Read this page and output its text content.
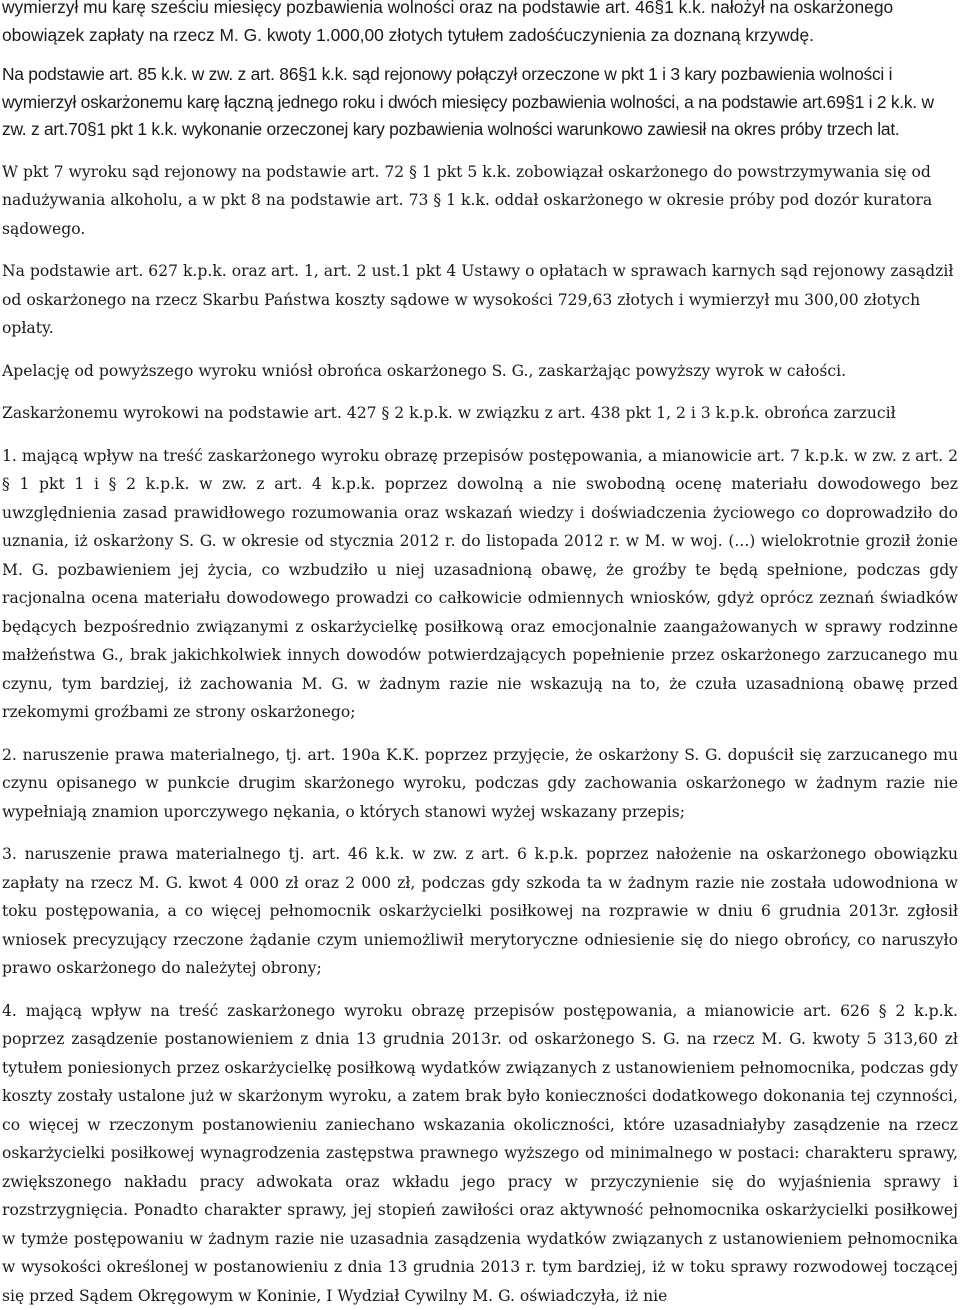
wymierzył mu karę sześciu miesięcy pozbawienia wolności oraz na podstawie art. 46§1 k.k. nałożył na oskarżonego obowiązek zapłaty na rzecz M. G. kwoty 1.000,00 złotych tytułem zadośćuczynienia za doznaną krzywdę.

Na podstawie art. 85 k.k. w zw. z art. 86§1 k.k. sąd rejonowy połączył orzeczone w pkt 1 i 3 kary pozbawienia wolności i wymierzył oskarżonemu karę łączną jednego roku i dwóch miesięcy pozbawienia wolności, a na podstawie art.69§1 i 2 k.k. w zw. z art.70§1 pkt 1 k.k. wykonanie orzeczonej kary pozbawienia wolności warunkowo zawiesił na okres próby trzech lat.

W pkt 7 wyroku sąd rejonowy na podstawie art. 72 § 1 pkt 5 k.k. zobowiązał oskarżonego do powstrzymywania się od nadużywania alkoholu, a w pkt 8 na podstawie art. 73 § 1 k.k. oddał oskarżonego w okresie próby pod dozór kuratora sądowego.

Na podstawie art. 627 k.p.k. oraz art. 1, art. 2 ust.1 pkt 4 Ustawy o opłatach w sprawach karnych sąd rejonowy zasądził od oskarżonego na rzecz Skarbu Państwa koszty sądowe w wysokości 729,63 złotych i wymierzył mu 300,00 złotych opłaty.

Apelację od powyższego wyroku wniósł obrońca oskarżonego S. G., zaskarżając powyższy wyrok w całości.

Zaskarżonemu wyrokowi na podstawie art. 427 § 2 k.p.k. w związku z art. 438 pkt 1, 2 i 3 k.p.k. obrońca zarzucił

1. mającą wpływ na treść zaskarżonego wyroku obrazę przepisów postępowania, a mianowicie art. 7 k.p.k. w zw. z art. 2 § 1 pkt 1 i § 2 k.p.k. w zw. z art. 4 k.p.k. poprzez dowolną a nie swobodną ocenę materiału dowodowego bez uwzględnienia zasad prawidłowego rozumowania oraz wskazań wiedzy i doświadczenia życiowego co doprowadziło do uznania, iż oskarżony S. G. w okresie od stycznia 2012 r. do listopada 2012 r. w M. w woj. (...) wielokrotnie groził żonie M. G. pozbawieniem jej życia, co wzbudziło u niej uzasadnioną obawę, że groźby te będą spełnione, podczas gdy racjonalna ocena materiału dowodowego prowadzi co całkowicie odmiennych wniosków, gdyż oprócz zeznań świadków będących bezpośrednio związanymi z oskarżycielkę posiłkową oraz emocjonalnie zaangażowanych w sprawy rodzinne małżeństwa G., brak jakichkolwiek innych dowodów potwierdzających popełnienie przez oskarżonego zarzucanego mu czynu, tym bardziej, iż zachowania M. G. w żadnym razie nie wskazują na to, że czuła uzasadnioną obawę przed rzekomymi groźbami ze strony oskarżonego;

2. naruszenie prawa materialnego, tj. art. 190a K.K. poprzez przyjęcie, że oskarżony S. G. dopuścił się zarzucanego mu czynu opisanego w punkcie drugim skarżonego wyroku, podczas gdy zachowania oskarżonego w żadnym razie nie wypełniają znamion uporczywego nękania, o których stanowi wyżej wskazany przepis;

3. naruszenie prawa materialnego tj. art. 46 k.k. w zw. z art. 6 k.p.k. poprzez nałożenie na oskarżonego obowiązku zapłaty na rzecz M. G. kwot 4 000 zł oraz 2 000 zł, podczas gdy szkoda ta w żadnym razie nie została udowodniona w toku postępowania, a co więcej pełnomocnik oskarżycielki posiłkowej na rozprawie w dniu 6 grudnia 2013r. zgłosił wniosek precyzujący rzeczone żądanie czym uniemożliwił merytoryczne odniesienie się do niego obrońcy, co naruszyło prawo oskarżonego do należytej obrony;

4. mającą wpływ na treść zaskarżonego wyroku obrazę przepisów postępowania, a mianowicie art. 626 § 2 k.p.k. poprzez zasądzenie postanowieniem z dnia 13 grudnia 2013r. od oskarżonego S. G. na rzecz M. G. kwoty 5 313,60 zł tytułem poniesionych przez oskarżycielkę posiłkową wydatków związanych z ustanowieniem pełnomocnika, podczas gdy koszty zostały ustalone już w skarżonym wyroku, a zatem brak było konieczności dodatkowego dokonania tej czynności, co więcej w rzeczonym postanowieniu zaniechano wskazania okoliczności, które uzasadniałyby zasądzenie na rzecz oskarżycielki posiłkowej wynagrodzenia zastępstwa prawnego wyższego od minimalnego w postaci: charakteru sprawy, zwiększonego nakładu pracy adwokata oraz wkładu jego pracy w przyczynienie się do wyjaśnienia sprawy i rozstrzygnięcia. Ponadto charakter sprawy, jej stopień zawiłości oraz aktywność pełnomocnika oskarżycielki posiłkowej w tymże postępowaniu w żadnym razie nie uzasadnia zasądzenia wydatków związanych z ustanowieniem pełnomocnika w wysokości określonej w postanowieniu z dnia 13 grudnia 2013 r. tym bardziej, iż w toku sprawy rozwodowej toczącej się przed Sądem Okręgowym w Koninie, I Wydział Cywilny M. G. oświadczyła, iż nie
